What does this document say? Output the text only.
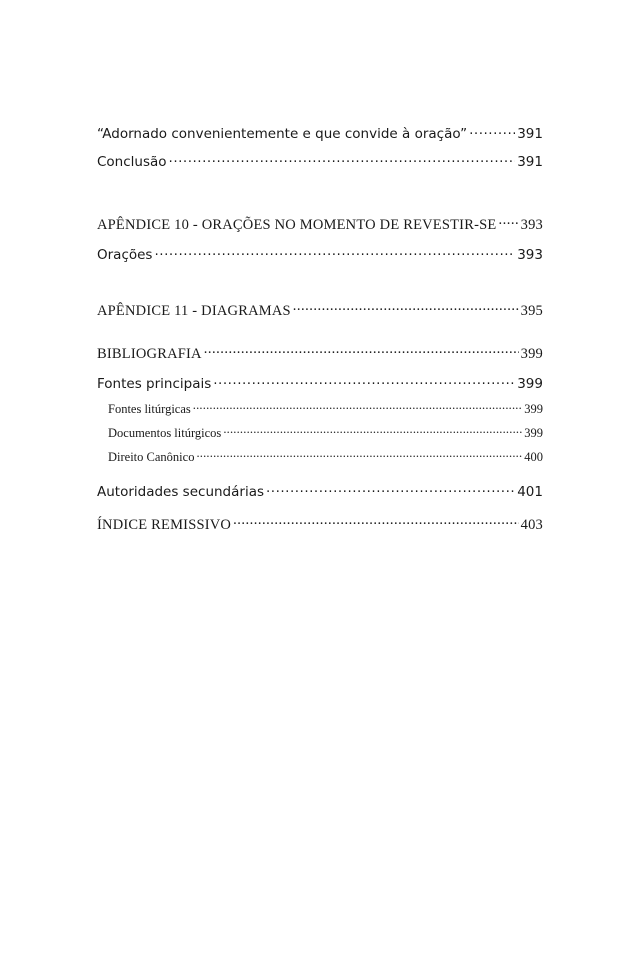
“Adornado convenientemente e que convide à oração” .....	391
Conclusão .....	391
APÊNDICE 10 - ORAÇÕES NO MOMENTO DE REVESTIR-SE ..... 393
Orações .....	393
APÊNDICE 11 - DIAGRAMAS .....	395
BIBLIOGRAFIA .....	399
Fontes principais .....	399
Fontes litúrgicas .....	399
Documentos litúrgicos .....	399
Direito Canônico .....	400
Autoridades secundárias .....	401
ÍNDICE REMISSIVO .....	403
